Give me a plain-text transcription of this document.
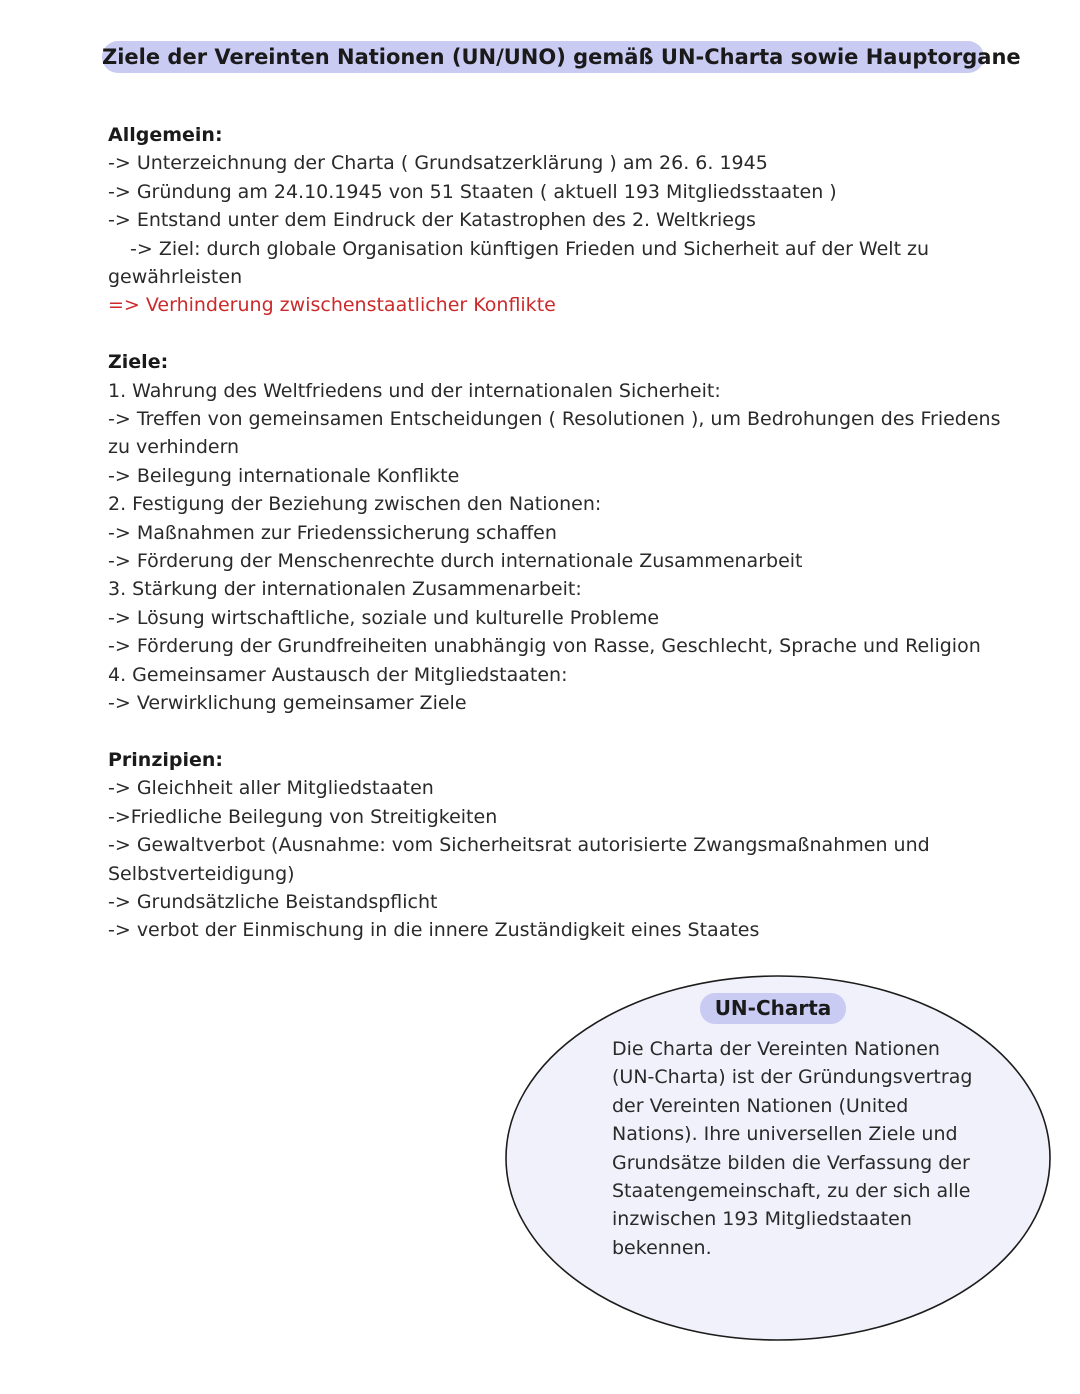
Ziele der Vereinten Nationen (UN/UNO) gemäß UN-Charta sowie Hauptorgane

Allgemein:

-> Unterzeichnung der Charta ( Grundsatzerklärung ) am 26. 6. 1945

-> Gründung am 24.10.1945 von 51 Staaten ( aktuell 193 Mitgliedsstaaten )

-> Entstand unter dem Eindruck der Katastrophen des 2. Weltkriegs

-> Ziel: durch globale Organisation künftigen Frieden und Sicherheit auf der Welt zu

gewährleisten

=> Verhinderung zwischenstaatlicher Konflikte

Ziele:

1. Wahrung des Weltfriedens und der internationalen Sicherheit:

-> Treffen von gemeinsamen Entscheidungen ( Resolutionen ), um Bedrohungen des Friedens

zu verhindern

-> Beilegung internationale Konflikte

2. Festigung der Beziehung zwischen den Nationen:

-> Maßnahmen zur Friedenssicherung schaffen

-> Förderung der Menschenrechte durch internationale Zusammenarbeit

3. Stärkung der internationalen Zusammenarbeit:

-> Lösung wirtschaftliche, soziale und kulturelle Probleme

-> Förderung der Grundfreiheiten unabhängig von Rasse, Geschlecht, Sprache und Religion

4. Gemeinsamer Austausch der Mitgliedstaaten:

-> Verwirklichung gemeinsamer Ziele

Prinzipien:

-> Gleichheit aller Mitgliedstaaten

->Friedliche Beilegung von Streitigkeiten

-> Gewaltverbot (Ausnahme: vom Sicherheitsrat autorisierte Zwangsmaßnahmen und

Selbstverteidigung)

-> Grundsätzliche Beistandspflicht

-> verbot der Einmischung in die innere Zuständigkeit eines Staates

UN-Charta

Die Charta der Vereinten Nationen

(UN-Charta) ist der Gründungsvertrag

der Vereinten Nationen (United

Nations). Ihre universellen Ziele und

Grundsätze bilden die Verfassung der

Staatengemeinschaft, zu der sich alle

inzwischen 193 Mitgliedstaaten

bekennen.
